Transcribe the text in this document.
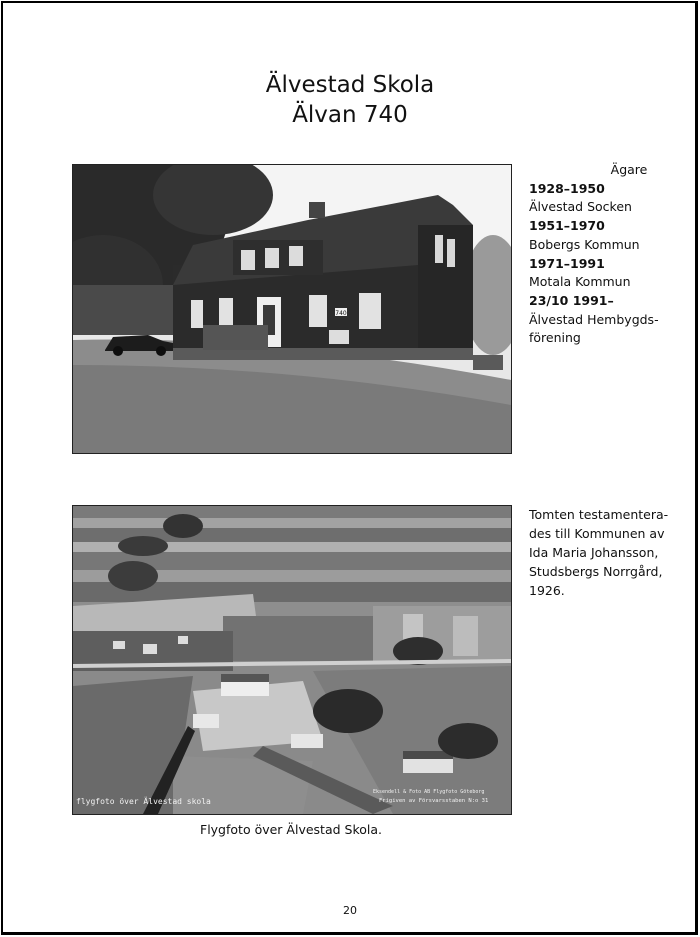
Älvestad Skola
Älvan 740
740
flygfoto över Älvestad skola
Eksendell & Foto AB Flygfoto Göteborg
Frigiven av Försvarsstaben N:o 31
Ägare
1928–1950
Älvestad Socken
1951–1970
Bobergs Kommun
1971–1991
Motala Kommun
23/10 1991–
Älvestad Hembygds-
förening
Tomten testamentera-
des till Kommunen av
Ida Maria Johansson,
Studsbergs Norrgård,
1926.
Flygfoto över Älvestad Skola.
20
